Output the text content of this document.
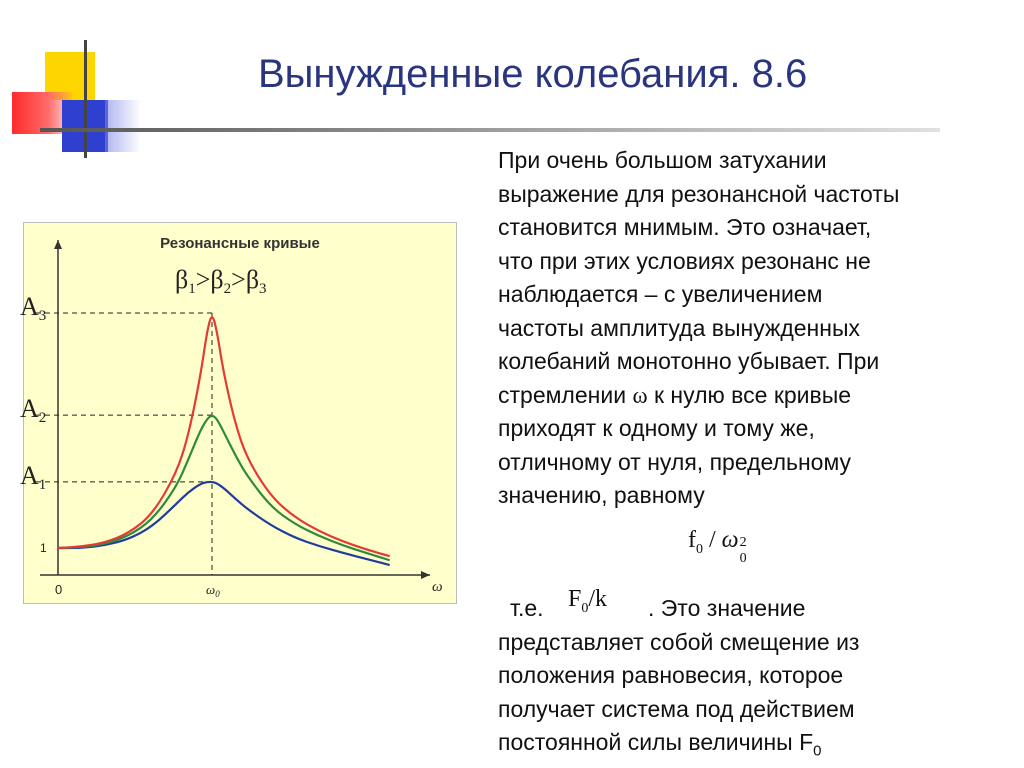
Вынужденные колебания. 8.6
При очень большом затухании
выражение для резонансной частоты
становится мнимым. Это означает,
что при этих условиях резонанс не
наблюдается – с увеличением
частоты амплитуда вынужденных
колебаний монотонно убывает. При
стремлении ω к нулю все кривые
приходят к одному и тому же,
отличному от нуля, предельному
значению, равному
$f_0$ / ω 2
0
т.е. $F_0/k$ . Это значение
представляет собой смещение из
положения равновесия, которое
получает система под действием
постоянной силы величины $F_0$
Резонансные кривые
β1>β2>β3
A3
A2
A1
1
0	$\omega_0$	ω
